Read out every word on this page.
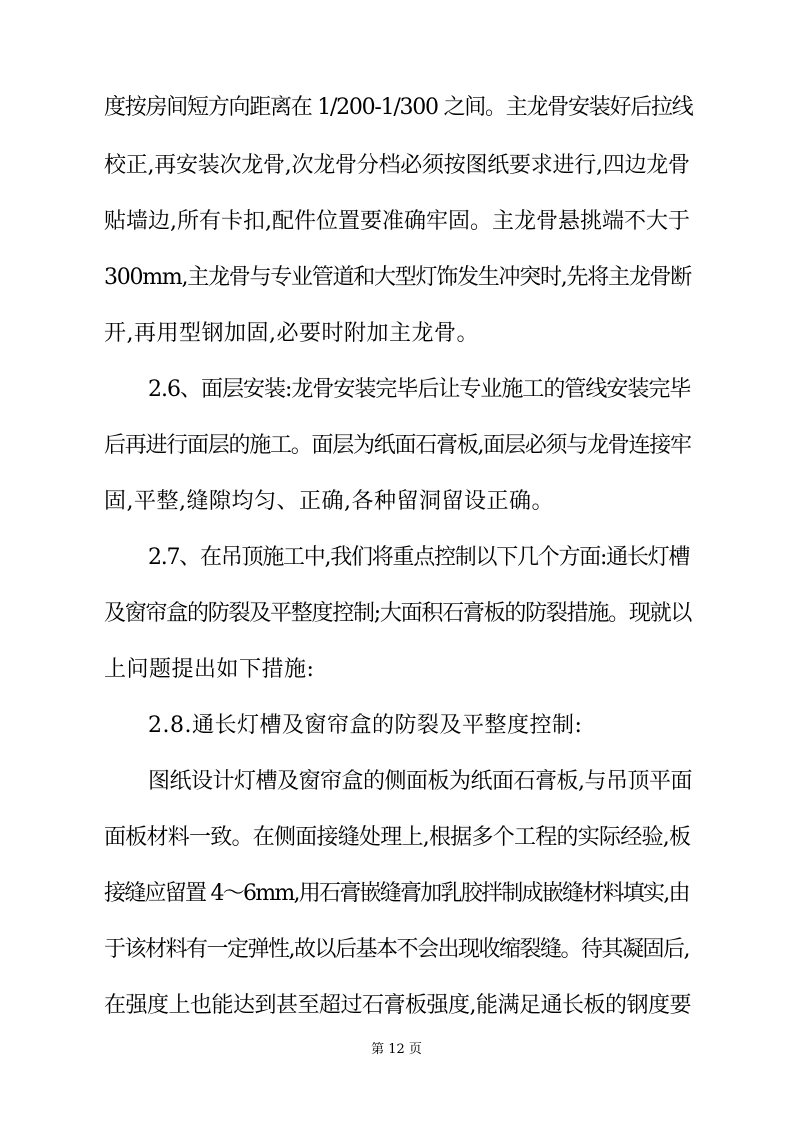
度按房间短方向距离在 1/200-1/300 之间。主龙骨安装好后拉线
校正,再安装次龙骨,次龙骨分档必须按图纸要求进行,四边龙骨
贴墙边,所有卡扣,配件位置要准确牢固。主龙骨悬挑端不大于
300mm,主龙骨与专业管道和大型灯饰发生冲突时,先将主龙骨断
开,再用型钢加固,必要时附加主龙骨。
2.6、面层安装:龙骨安装完毕后让专业施工的管线安装完毕
后再进行面层的施工。面层为纸面石膏板,面层必须与龙骨连接牢
固,平整,缝隙均匀、正确,各种留洞留设正确。
2.7、在吊顶施工中,我们将重点控制以下几个方面:通长灯槽
及窗帘盒的防裂及平整度控制;大面积石膏板的防裂措施。现就以
上问题提出如下措施:
2.8.通长灯槽及窗帘盒的防裂及平整度控制:
图纸设计灯槽及窗帘盒的侧面板为纸面石膏板,与吊顶平面
面板材料一致。在侧面接缝处理上,根据多个工程的实际经验,板
接缝应留置 4～6mm,用石膏嵌缝膏加乳胶拌制成嵌缝材料填实,由
于该材料有一定弹性,故以后基本不会出现收缩裂缝。待其凝固后,
在强度上也能达到甚至超过石膏板强度,能满足通长板的钢度要
第 12 页
